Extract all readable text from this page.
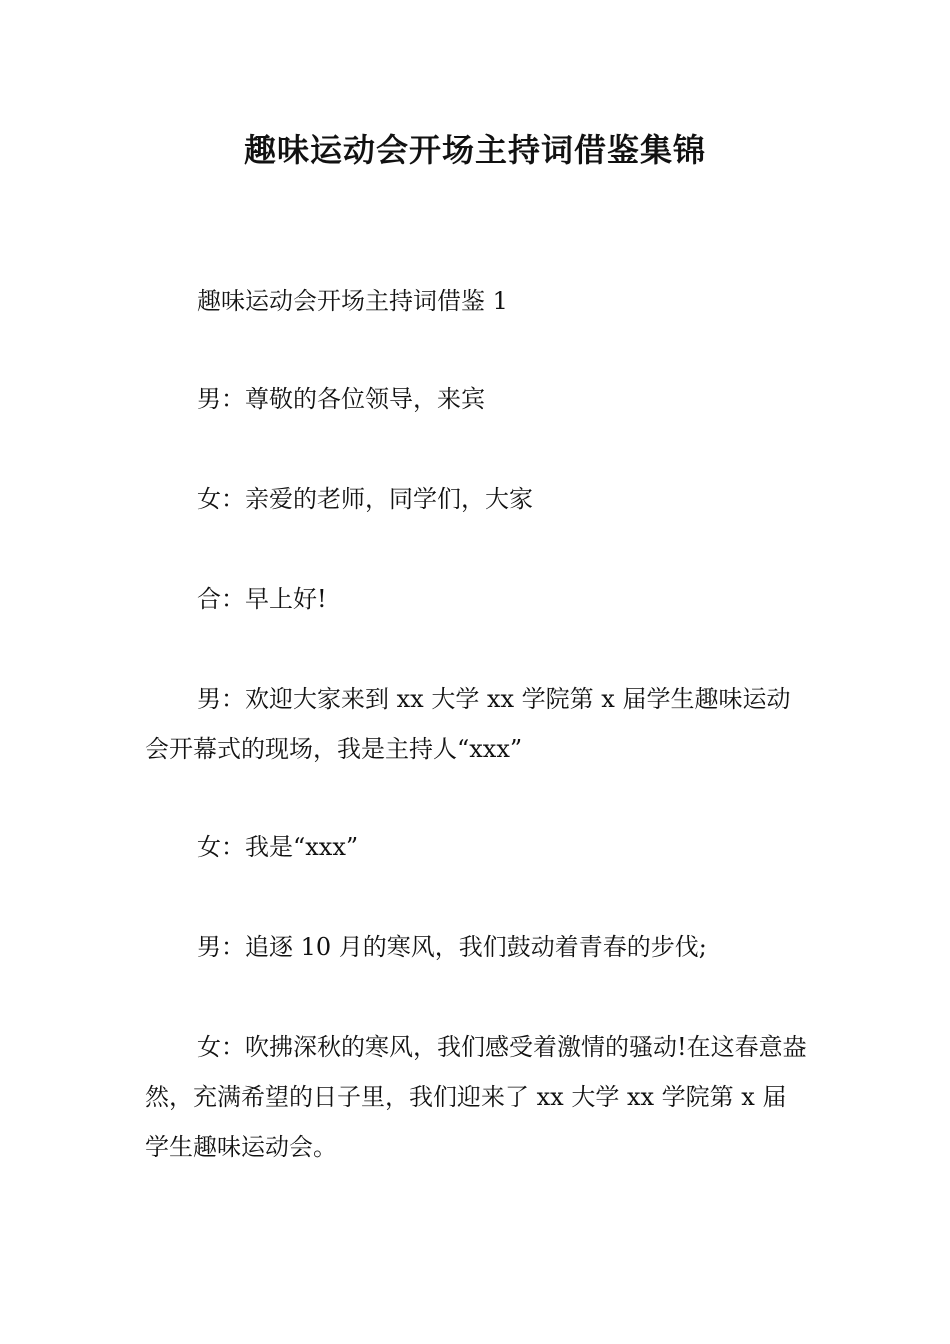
趣味运动会开场主持词借鉴集锦

趣味运动会开场主持词借鉴 1

男：尊敬的各位领导，来宾

女：亲爱的老师，同学们，大家

合：早上好!

男：欢迎大家来到 xx 大学 xx 学院第 x 届学生趣味运动会开幕式的现场，我是主持人“xxx”

女：我是“xxx”

男：追逐 10 月的寒风，我们鼓动着青春的步伐;

女：吹拂深秋的寒风，我们感受着激情的骚动!在这春意盎然，充满希望的日子里，我们迎来了 xx 大学 xx 学院第 x 届学生趣味运动会。
